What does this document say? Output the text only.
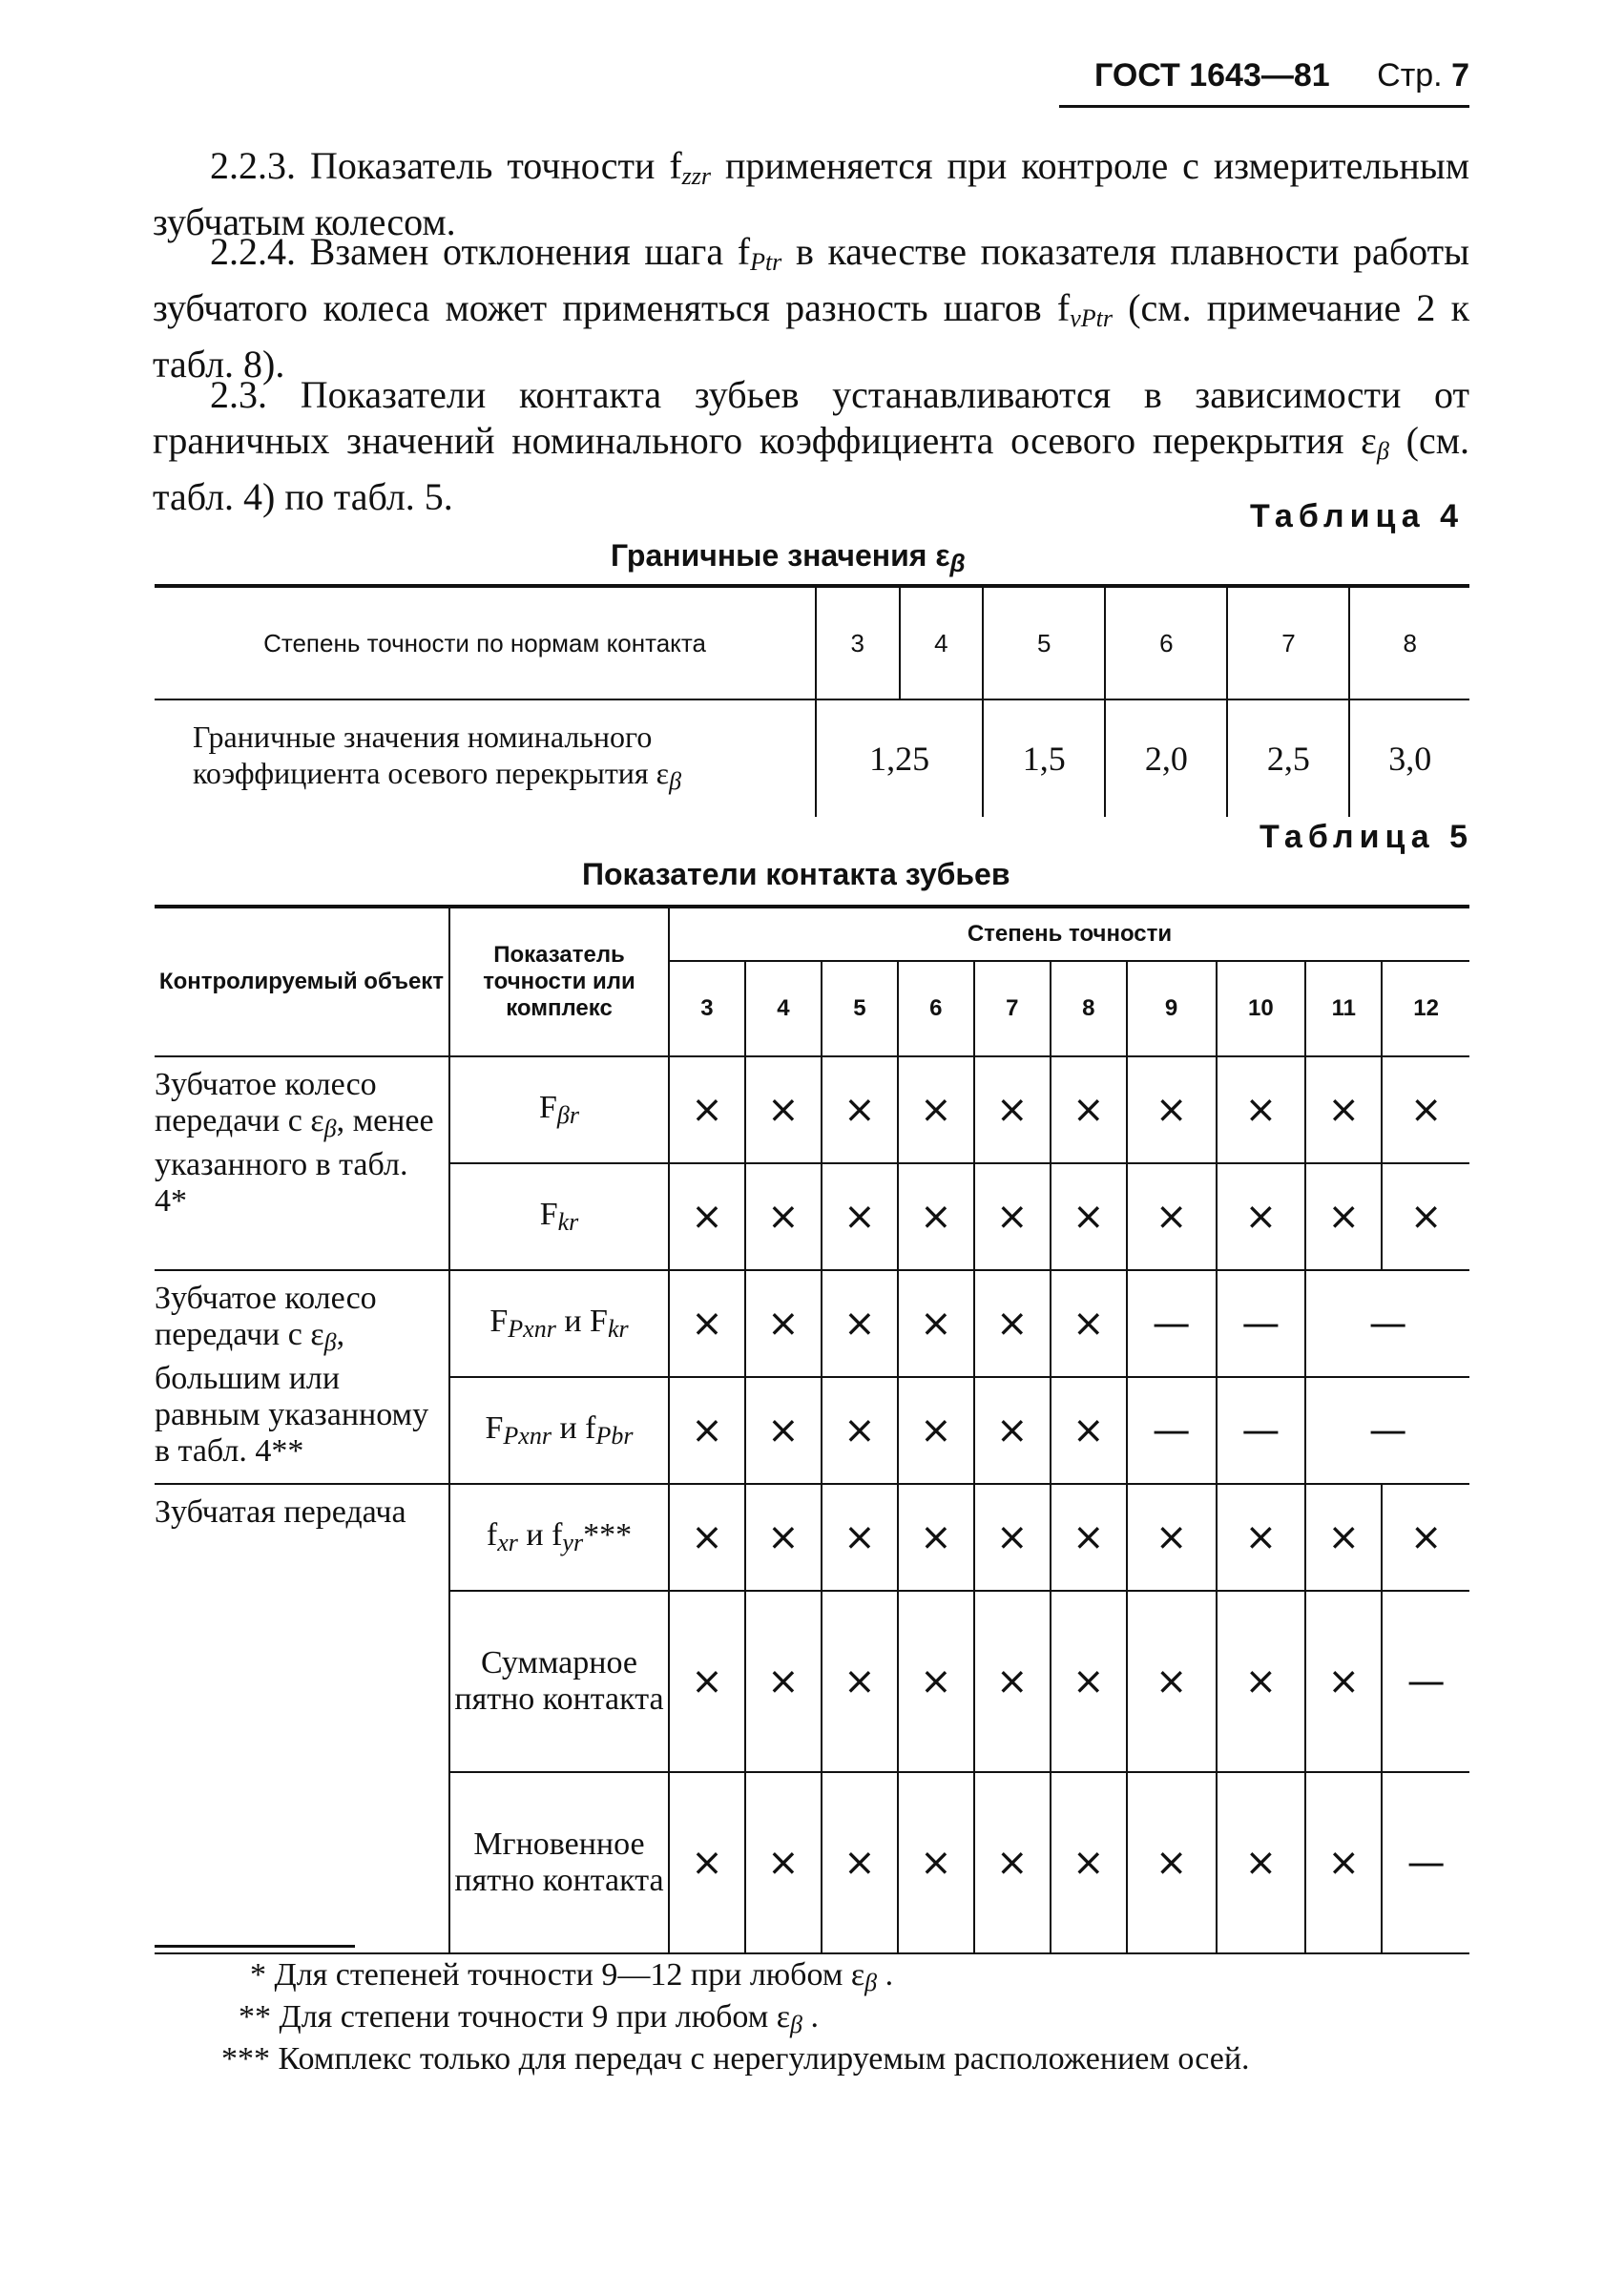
ГОСТ 1643—81 Стр. 7
2.2.3. Показатель точности $f_{zzr}$ применяется при контроле с измерительным зубчатым колесом.
2.2.4. Взамен отклонения шага $f_{Ptr}$ в качестве показателя плавности работы зубчатого колеса может применяться разность шагов $f_{vPtr}$ (см. примечание 2 к табл. 8).
2.3. Показатели контакта зубьев устанавливаются в зависимости от граничных значений номинального коэффициента осевого перекрытия $\varepsilon_\beta$ (см. табл. 4) по табл. 5.	Таблица 4
Граничные значения $\varepsilon_\beta$
Степень точности по нормам контакта	3	4	5	6	7	8
Граничные значения номинального коэффициента осевого перекрытия $\varepsilon_\beta$	1,25		1,5	2,0	2,5	3,0
Таблица 5
Показатели контакта зубьев
Контролируемый объект	Показатель точности или комплекс	Степень точности									
		3	4	5	6	7	8	9	10	11	12
Зубчатое колесо передачи с $\varepsilon_\beta$, менее указанного в табл. 4*	$F_{\beta r}$	×	×	×	×	×	×	×	×	×	×
	$F_{kr}$	×	×	×	×	×	×	×	×	×	×
Зубчатое колесо передачи с $\varepsilon_\beta$, большим или равным указанному в табл. 4**	$F_{Pxnr}$ и $F_{kr}$	×	×	×	×	×	×	—	—	—	
	$F_{Pxnr}$ и $f_{Pbr}$	×	×	×	×	×	×	—	—	—	
Зубчатая передача	$f_{xr}$ и $f_{yr}***$	×	×	×	×	×	×	×	×	×	×
	Суммарное пятно контакта	×	×	×	×	×	×	×	×	×	—
	Мгновенное пятно контакта	×	×	×	×	×	×	×	×	×	—
* Для степеней точности 9—12 при любом $\varepsilon_\beta$ .
** Для степени точности 9 при любом $\varepsilon_\beta$ .
*** Комплекс только для передач с нерегулируемым расположением осей.
